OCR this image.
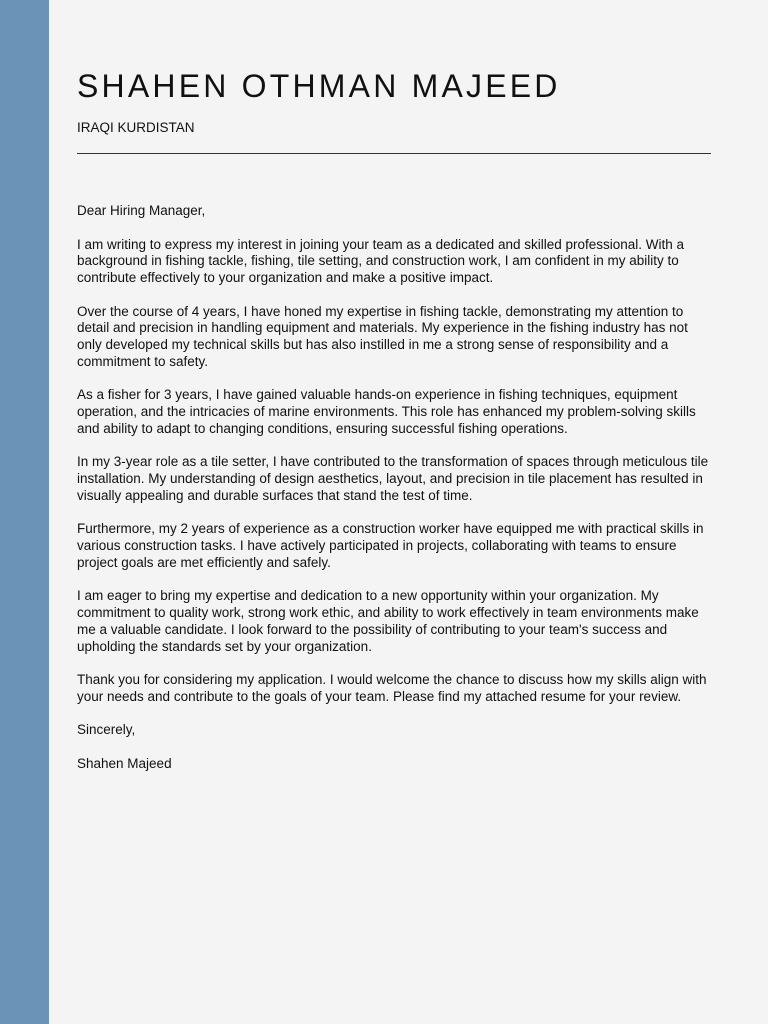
SHAHEN OTHMAN MAJEED
IRAQI KURDISTAN

Dear Hiring Manager,

I am writing to express my interest in joining your team as a dedicated and skilled professional. With a background in fishing tackle, fishing, tile setting, and construction work, I am confident in my ability to contribute effectively to your organization and make a positive impact.

Over the course of 4 years, I have honed my expertise in fishing tackle, demonstrating my attention to detail and precision in handling equipment and materials. My experience in the fishing industry has not only developed my technical skills but has also instilled in me a strong sense of responsibility and a commitment to safety.

As a fisher for 3 years, I have gained valuable hands-on experience in fishing techniques, equipment operation, and the intricacies of marine environments. This role has enhanced my problem-solving skills and ability to adapt to changing conditions, ensuring successful fishing operations.

In my 3-year role as a tile setter, I have contributed to the transformation of spaces through meticulous tile installation. My understanding of design aesthetics, layout, and precision in tile placement has resulted in visually appealing and durable surfaces that stand the test of time.

Furthermore, my 2 years of experience as a construction worker have equipped me with practical skills in various construction tasks. I have actively participated in projects, collaborating with teams to ensure project goals are met efficiently and safely.

I am eager to bring my expertise and dedication to a new opportunity within your organization. My commitment to quality work, strong work ethic, and ability to work effectively in team environments make me a valuable candidate. I look forward to the possibility of contributing to your team's success and upholding the standards set by your organization.

Thank you for considering my application. I would welcome the chance to discuss how my skills align with your needs and contribute to the goals of your team. Please find my attached resume for your review.

Sincerely,

Shahen Majeed
